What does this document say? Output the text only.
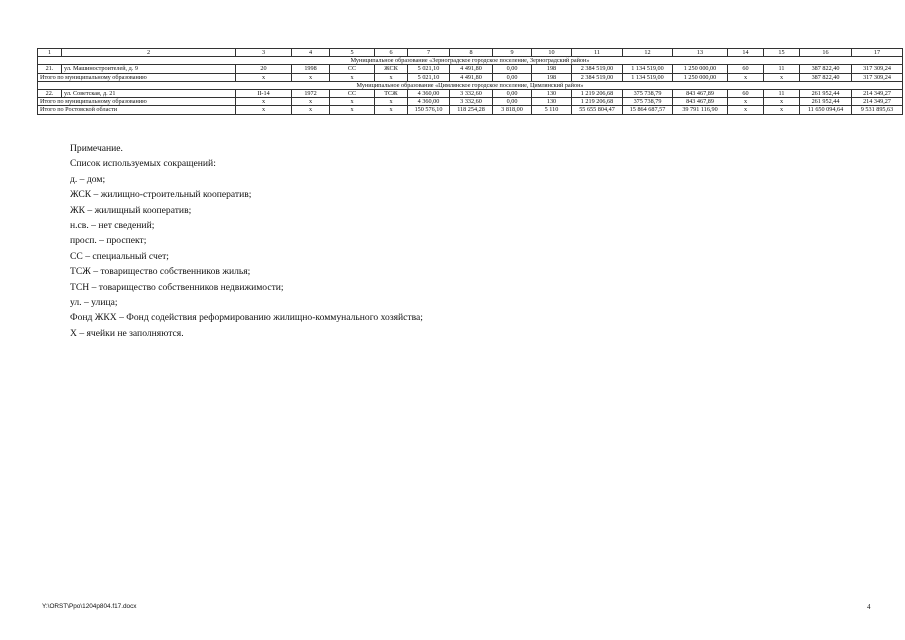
1	2	3	4	5	6	7	8	9	10	11	12	13	14	15	16	17
Муниципальное образование «Зерноградское городское поселение, Зерноградский район»																
21.	ул. Машиностроителей, д. 9	20	1998	СС	ЖСК	5 021,10	4 491,80	0,00	198	2 384 519,00	1 134 519,00	1 250 000,00	60	11	387 822,40	317 309,24
Итого по муниципальному образованию		х	х	х	х	5 021,10	4 491,80	0,00	198	2 384 519,00	1 134 519,00	1 250 000,00	х	х	387 822,40	317 309,24
Муниципальное образование «Цимлянское городское поселение, Цимлянский район»																
22.	ул. Советская, д. 21	II-14	1972	СС	ТСЖ	4 360,00	3 332,60	0,00	130	1 219 206,68	375 738,79	843 467,89	60	11	261 952,44	214 349,27
Итого по муниципальному образованию		х	х	х	х	4 360,00	3 332,60	0,00	130	1 219 206,68	375 738,79	843 467,89	х	х	261 952,44	214 349,27
Итого по Ростовской области		х	х	х	х	150 576,10	118 254,28	3 818,00	5 110	55 655 804,47	15 864 687,57	39 791 116,90	х	х	11 650 094,64	9 531 895,63
Примечание.
Список используемых сокращений:
д. – дом;
ЖСК – жилищно-строительный кооператив;
ЖК – жилищный кооператив;
н.св. – нет сведений;
просп. – проспект;
СС – специальный счет;
ТСЖ – товарищество собственников жилья;
ТСН – товарищество собственников недвижимости;
ул. – улица;
Фонд ЖКХ – Фонд содействия реформированию жилищно-коммунального хозяйства;
Х – ячейки не заполняются.
Y:\ORST\Ppo\1204p804.f17.docx	4
